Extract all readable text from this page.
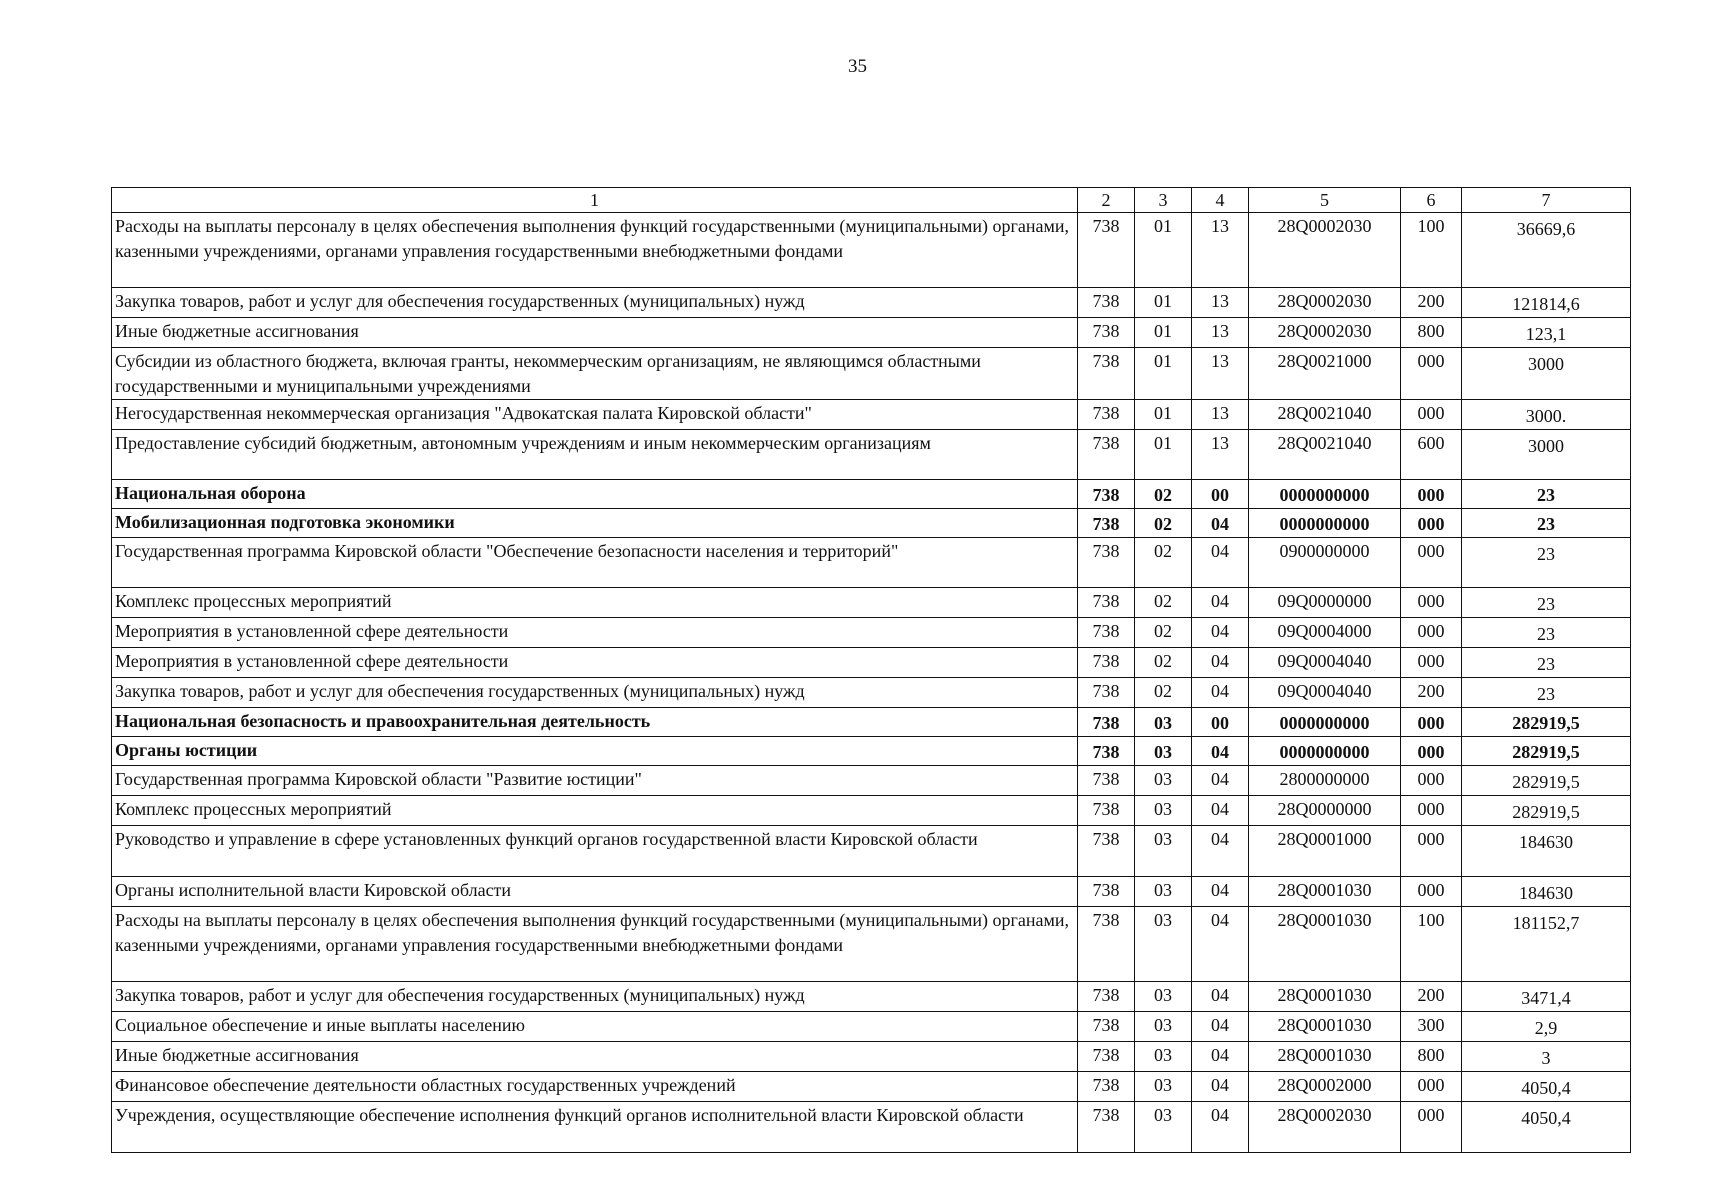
35
1	2	3	4	5	6	7
Расходы на выплаты персоналу в целях обеспечения выполнения функций государственными (муниципальными) органами, казенными учреждениями, органами управления государственными внебюджетными фондами	738	01	13	28Q0002030	100	36669,6
Закупка товаров, работ и услуг для обеспечения государственных (муниципальных) нужд	738	01	13	28Q0002030	200	121814,6
Иные бюджетные ассигнования	738	01	13	28Q0002030	800	123,1
Субсидии из областного бюджета, включая гранты, некоммерческим организациям, не являющимся областными государственными и муниципальными учреждениями	738	01	13	28Q0021000	000	3000
Негосударственная некоммерческая организация "Адвокатская палата Кировской области"	738	01	13	28Q0021040	000	3000.
Предоставление субсидий бюджетным, автономным учреждениям и иным некоммерческим организациям	738	01	13	28Q0021040	600	3000
Национальная оборона	738	02	00	0000000000	000	23
Мобилизационная подготовка экономики	738	02	04	0000000000	000	23
Государственная программа Кировской области "Обеспечение безопасности населения и территорий"	738	02	04	0900000000	000	23
Комплекс процессных мероприятий	738	02	04	09Q0000000	000	23
Мероприятия в установленной сфере деятельности	738	02	04	09Q0004000	000	23
Мероприятия в установленной сфере деятельности	738	02	04	09Q0004040	000	23
Закупка товаров, работ и услуг для обеспечения государственных (муниципальных) нужд	738	02	04	09Q0004040	200	23
Национальная безопасность и правоохранительная деятельность	738	03	00	0000000000	000	282919,5
Органы юстиции	738	03	04	0000000000	000	282919,5
Государственная программа Кировской области "Развитие юстиции"	738	03	04	2800000000	000	282919,5
Комплекс процессных мероприятий	738	03	04	28Q0000000	000	282919,5
Руководство и управление в сфере установленных функций органов государственной власти Кировской области	738	03	04	28Q0001000	000	184630
Органы исполнительной власти Кировской области	738	03	04	28Q0001030	000	184630
Расходы на выплаты персоналу в целях обеспечения выполнения функций государственными (муниципальными) органами, казенными учреждениями, органами управления государственными внебюджетными фондами	738	03	04	28Q0001030	100	181152,7
Закупка товаров, работ и услуг для обеспечения государственных (муниципальных) нужд	738	03	04	28Q0001030	200	3471,4
Социальное обеспечение и иные выплаты населению	738	03	04	28Q0001030	300	2,9
Иные бюджетные ассигнования	738	03	04	28Q0001030	800	3
Финансовое обеспечение деятельности областных государственных учреждений	738	03	04	28Q0002000	000	4050,4
Учреждения, осуществляющие обеспечение исполнения функций органов исполнительной власти Кировской области	738	03	04	28Q0002030	000	4050,4
